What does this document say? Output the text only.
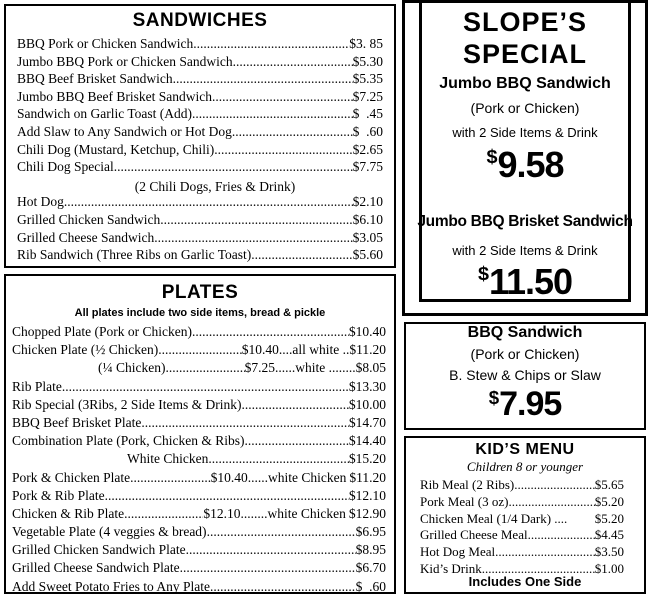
SANDWICHES
BBQ Pork or Chicken Sandwich .....	$3. 85
Jumbo BBQ Pork or Chicken Sandwich .....	$5.30
BBQ Beef Brisket Sandwich .....	$5.35
Jumbo BBQ Beef Brisket Sandwich .....	$7.25
Sandwich on Garlic Toast (Add) .....	$  .45
Add Slaw to Any Sandwich or Hot Dog .....	$  .60
Chili Dog (Mustard, Ketchup, Chili) .....	$2.65
Chili Dog Special .....	$7.75
(2 Chili Dogs, Fries & Drink)
Hot Dog .....	$2.10
Grilled Chicken Sandwich .....	$6.10
Grilled Cheese Sandwich .....	$3.05
Rib Sandwich (Three Ribs on Garlic Toast) .....	$5.60
PLATES
All plates include two side items, bread & pickle
Chopped Plate (Pork or Chicken) .....	$10.40
Chicken Plate (½ Chicken) .....	$10.40....all white .. $11.20
(¼ Chicken) .....	$7.25......white ........ $8.05
Rib Plate .....	$13.30
Rib Special (3Ribs, 2 Side Items & Drink) .....	$10.00
BBQ Beef Brisket Plate .....	$14.70
Combination Plate (Pork, Chicken & Ribs) .....	$14.40
White Chicken .....	$15.20
Pork & Chicken Plate .....	$10.40......white Chicken $11.20
Pork & Rib Plate .....	$12.10
Chicken & Rib Plate .....	$12.10........white Chicken $12.90
Vegetable Plate (4 veggies & bread) .....	$6.95
Grilled Chicken Sandwich Plate .....	$8.95
Grilled Cheese Sandwich Plate .....	$6.70
Add Sweet Potato Fries to Any Plate .....	$  .60
SLOPE’S
SPECIAL
Jumbo BBQ Sandwich
(Pork or Chicken)
with 2 Side Items & Drink
$9.58
Jumbo BBQ Brisket Sandwich
with 2 Side Items & Drink
$11.50
BBQ Sandwich
(Pork or Chicken)
B. Stew & Chips or Slaw
$7.95
KID’S MENU
Children 8 or younger
Rib Meal (2 Ribs) .....	$5.65
Pork Meal (3 oz) .....	$5.20
Chicken Meal (1/4 Dark) ... ..... $5.20
Grilled Cheese Meal .....	$4.45
Hot Dog Meal .....	$3.50
Kid’s Drink .....	$1.00
Includes One Side
